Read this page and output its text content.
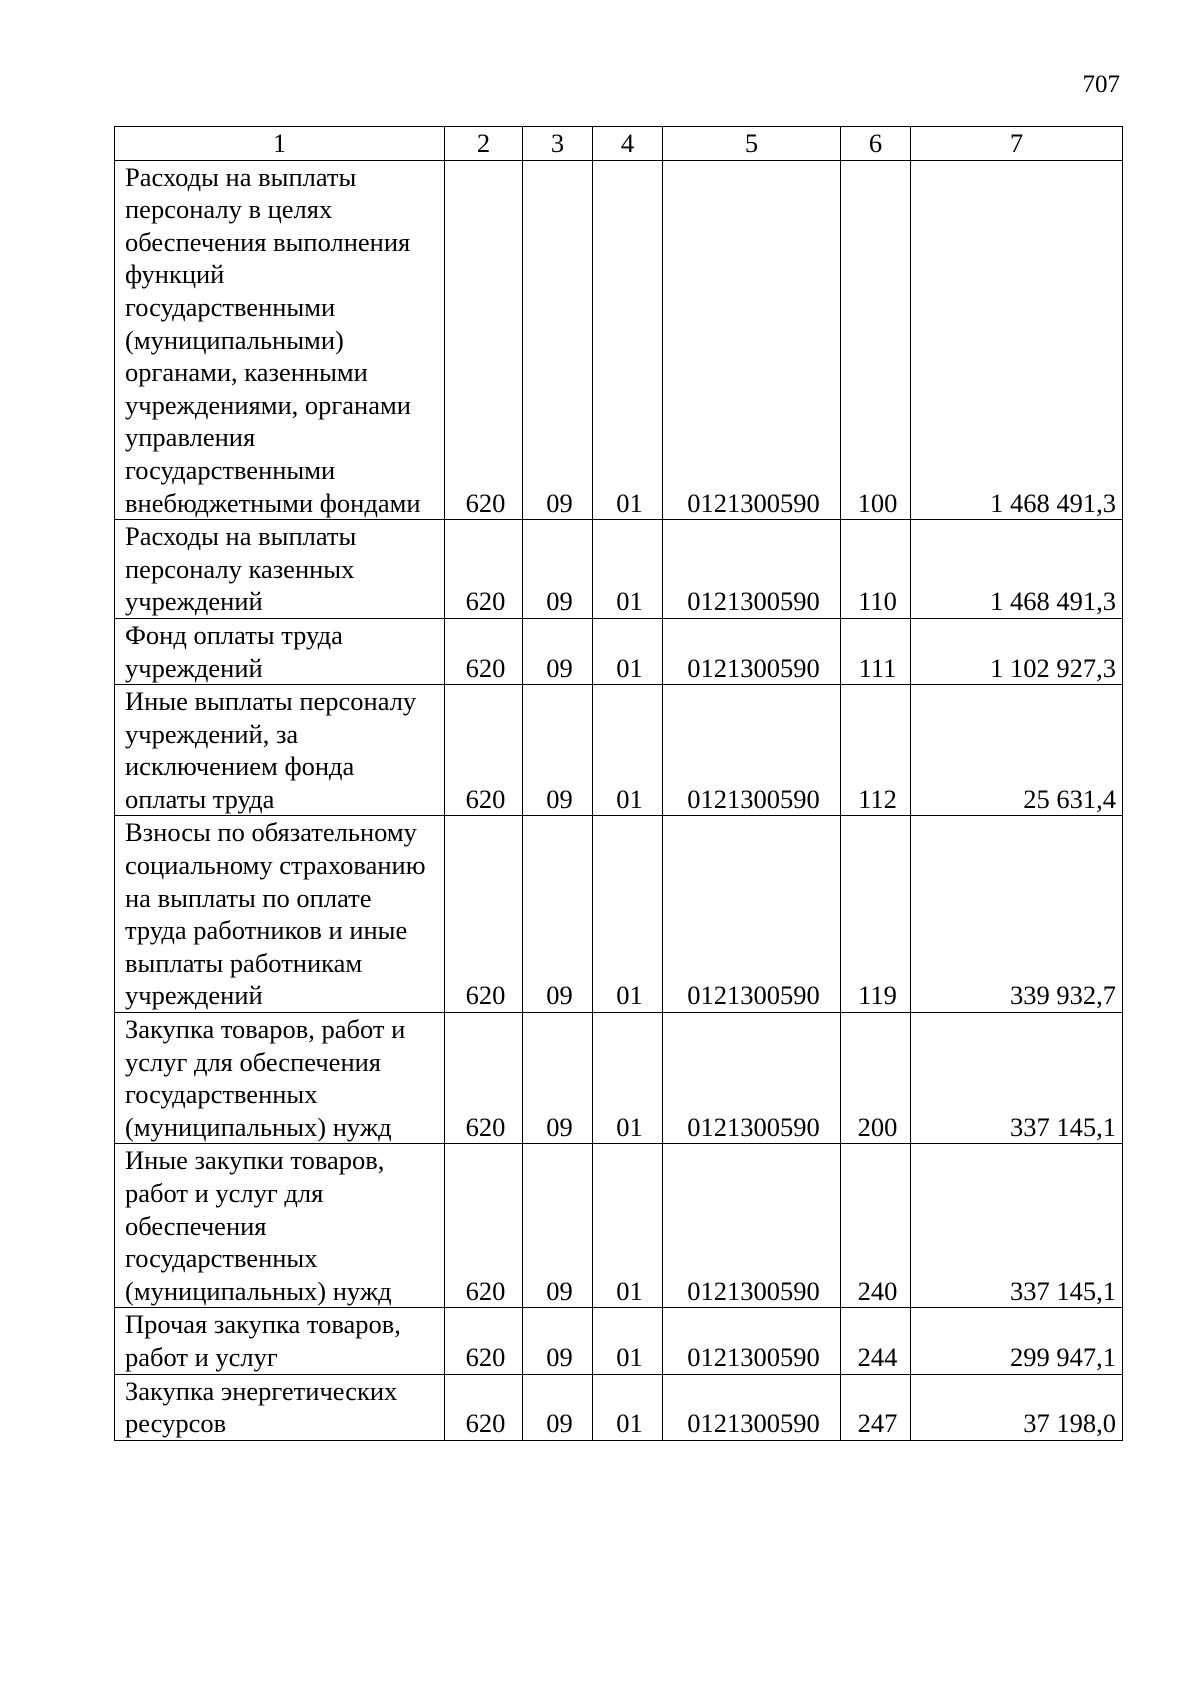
707
1	2	3	4	5	6	7
Расходы на выплаты персоналу в целях обеспечения выполнения функций государственными (муниципальными) органами, казенными учреждениями, органами управления государственными внебюджетными фондами	620	09	01	0121300590	100	1 468 491,3
Расходы на выплаты персоналу казенных учреждений	620	09	01	0121300590	110	1 468 491,3
Фонд оплаты труда учреждений	620	09	01	0121300590	111	1 102 927,3
Иные выплаты персоналу учреждений, за исключением фонда оплаты труда	620	09	01	0121300590	112	25 631,4
Взносы по обязательному социальному страхованию на выплаты по оплате труда работников и иные выплаты работникам учреждений	620	09	01	0121300590	119	339 932,7
Закупка товаров, работ и услуг для обеспечения государственных (муниципальных) нужд	620	09	01	0121300590	200	337 145,1
Иные закупки товаров, работ и услуг для обеспечения государственных (муниципальных) нужд	620	09	01	0121300590	240	337 145,1
Прочая закупка товаров, работ и услуг	620	09	01	0121300590	244	299 947,1
Закупка энергетических ресурсов	620	09	01	0121300590	247	37 198,0
